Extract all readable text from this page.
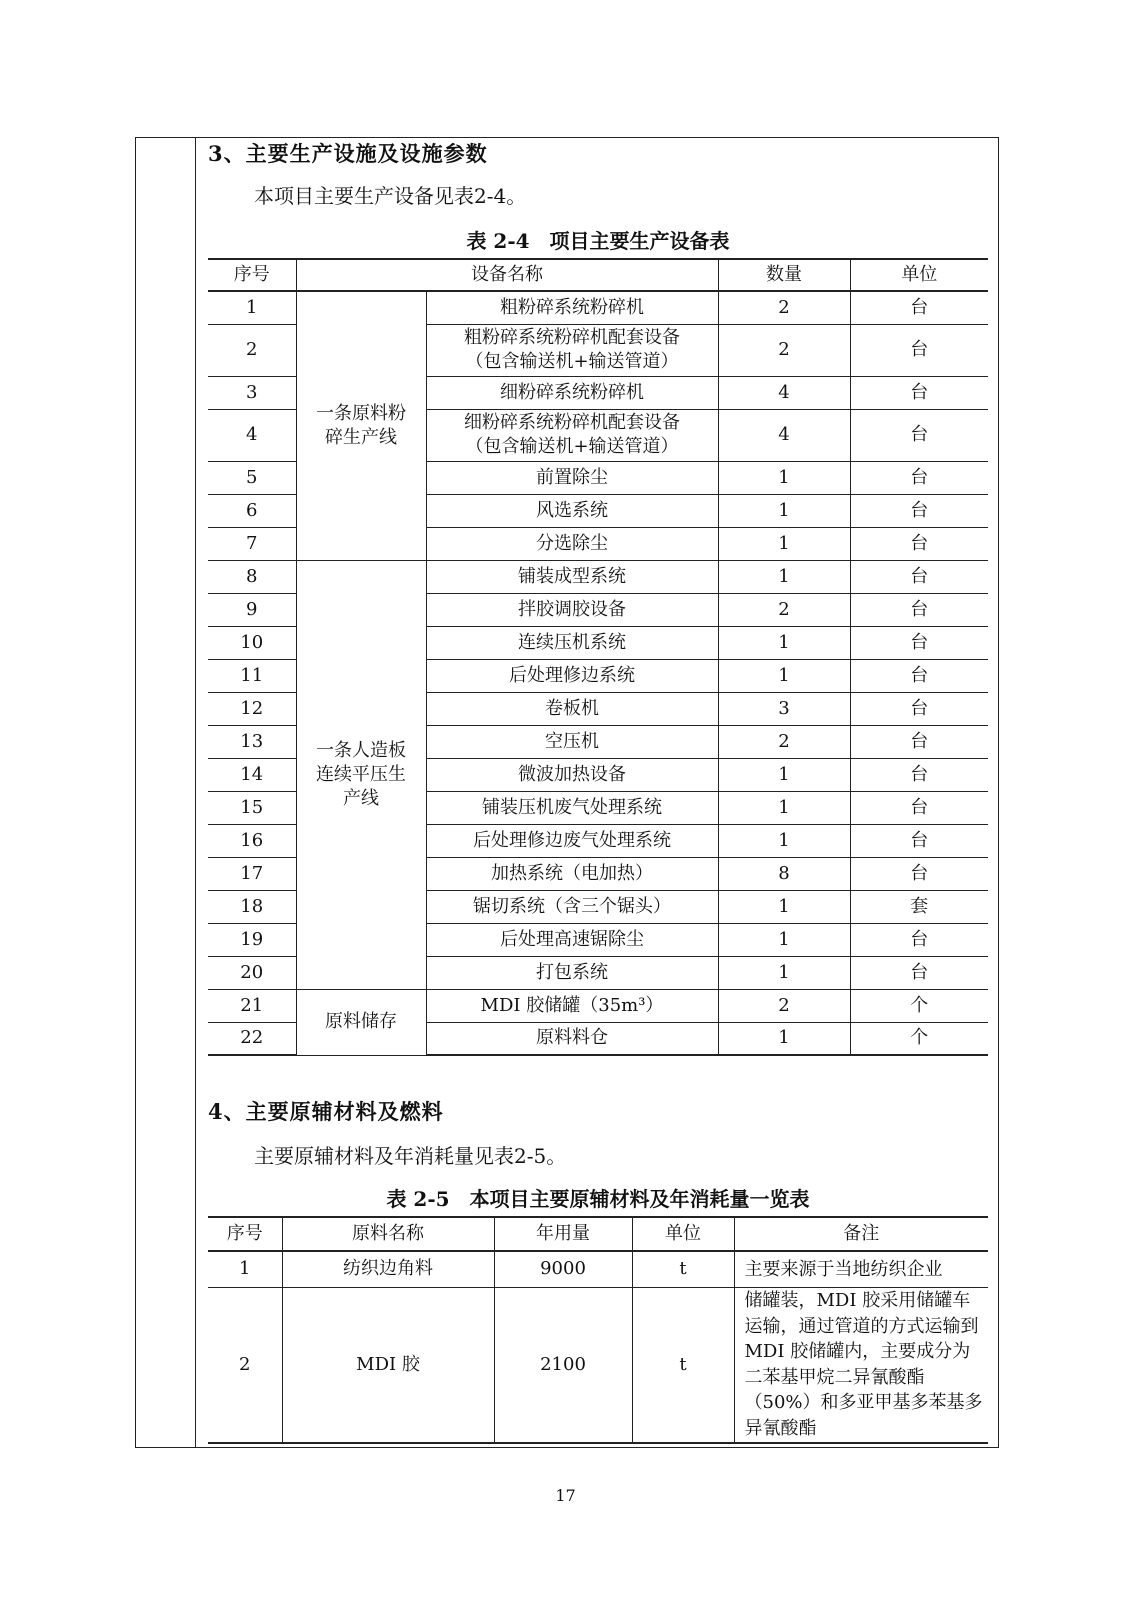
3、主要生产设施及设施参数
本项目主要生产设备见表2-4。
表 2-4　项目主要生产设备表
序号	设备名称		数量	单位
1	一条原料粉碎生产线	粗粉碎系统粉碎机	2	台
2		粗粉碎系统粉碎机配套设备（包含输送机+输送管道）	2	台
3		细粉碎系统粉碎机	4	台
4		细粉碎系统粉碎机配套设备（包含输送机+输送管道）	4	台
5		前置除尘	1	台
6		风选系统	1	台
7		分选除尘	1	台
8	一条人造板连续平压生产线	铺装成型系统	1	台
9		拌胶调胶设备	2	台
10		连续压机系统	1	台
11		后处理修边系统	1	台
12		卷板机	3	台
13		空压机	2	台
14		微波加热设备	1	台
15		铺装压机废气处理系统	1	台
16		后处理修边废气处理系统	1	台
17		加热系统（电加热）	8	台
18		锯切系统（含三个锯头）	1	套
19		后处理高速锯除尘	1	台
20		打包系统	1	台
21	原料储存	MDI 胶储罐（35m³）	2	个
22		原料料仓	1	个
4、主要原辅材料及燃料
主要原辅材料及年消耗量见表2-5。
表 2-5　本项目主要原辅材料及年消耗量一览表
序号	原料名称	年用量	单位	备注
1	纺织边角料	9000	t	主要来源于当地纺织企业
2	MDI 胶	2100	t	储罐装，MDI 胶采用储罐车运输，通过管道的方式运输到 MDI 胶储罐内，主要成分为二苯基甲烷二异氰酸酯（50%）和多亚甲基多苯基多异氰酸酯
17
